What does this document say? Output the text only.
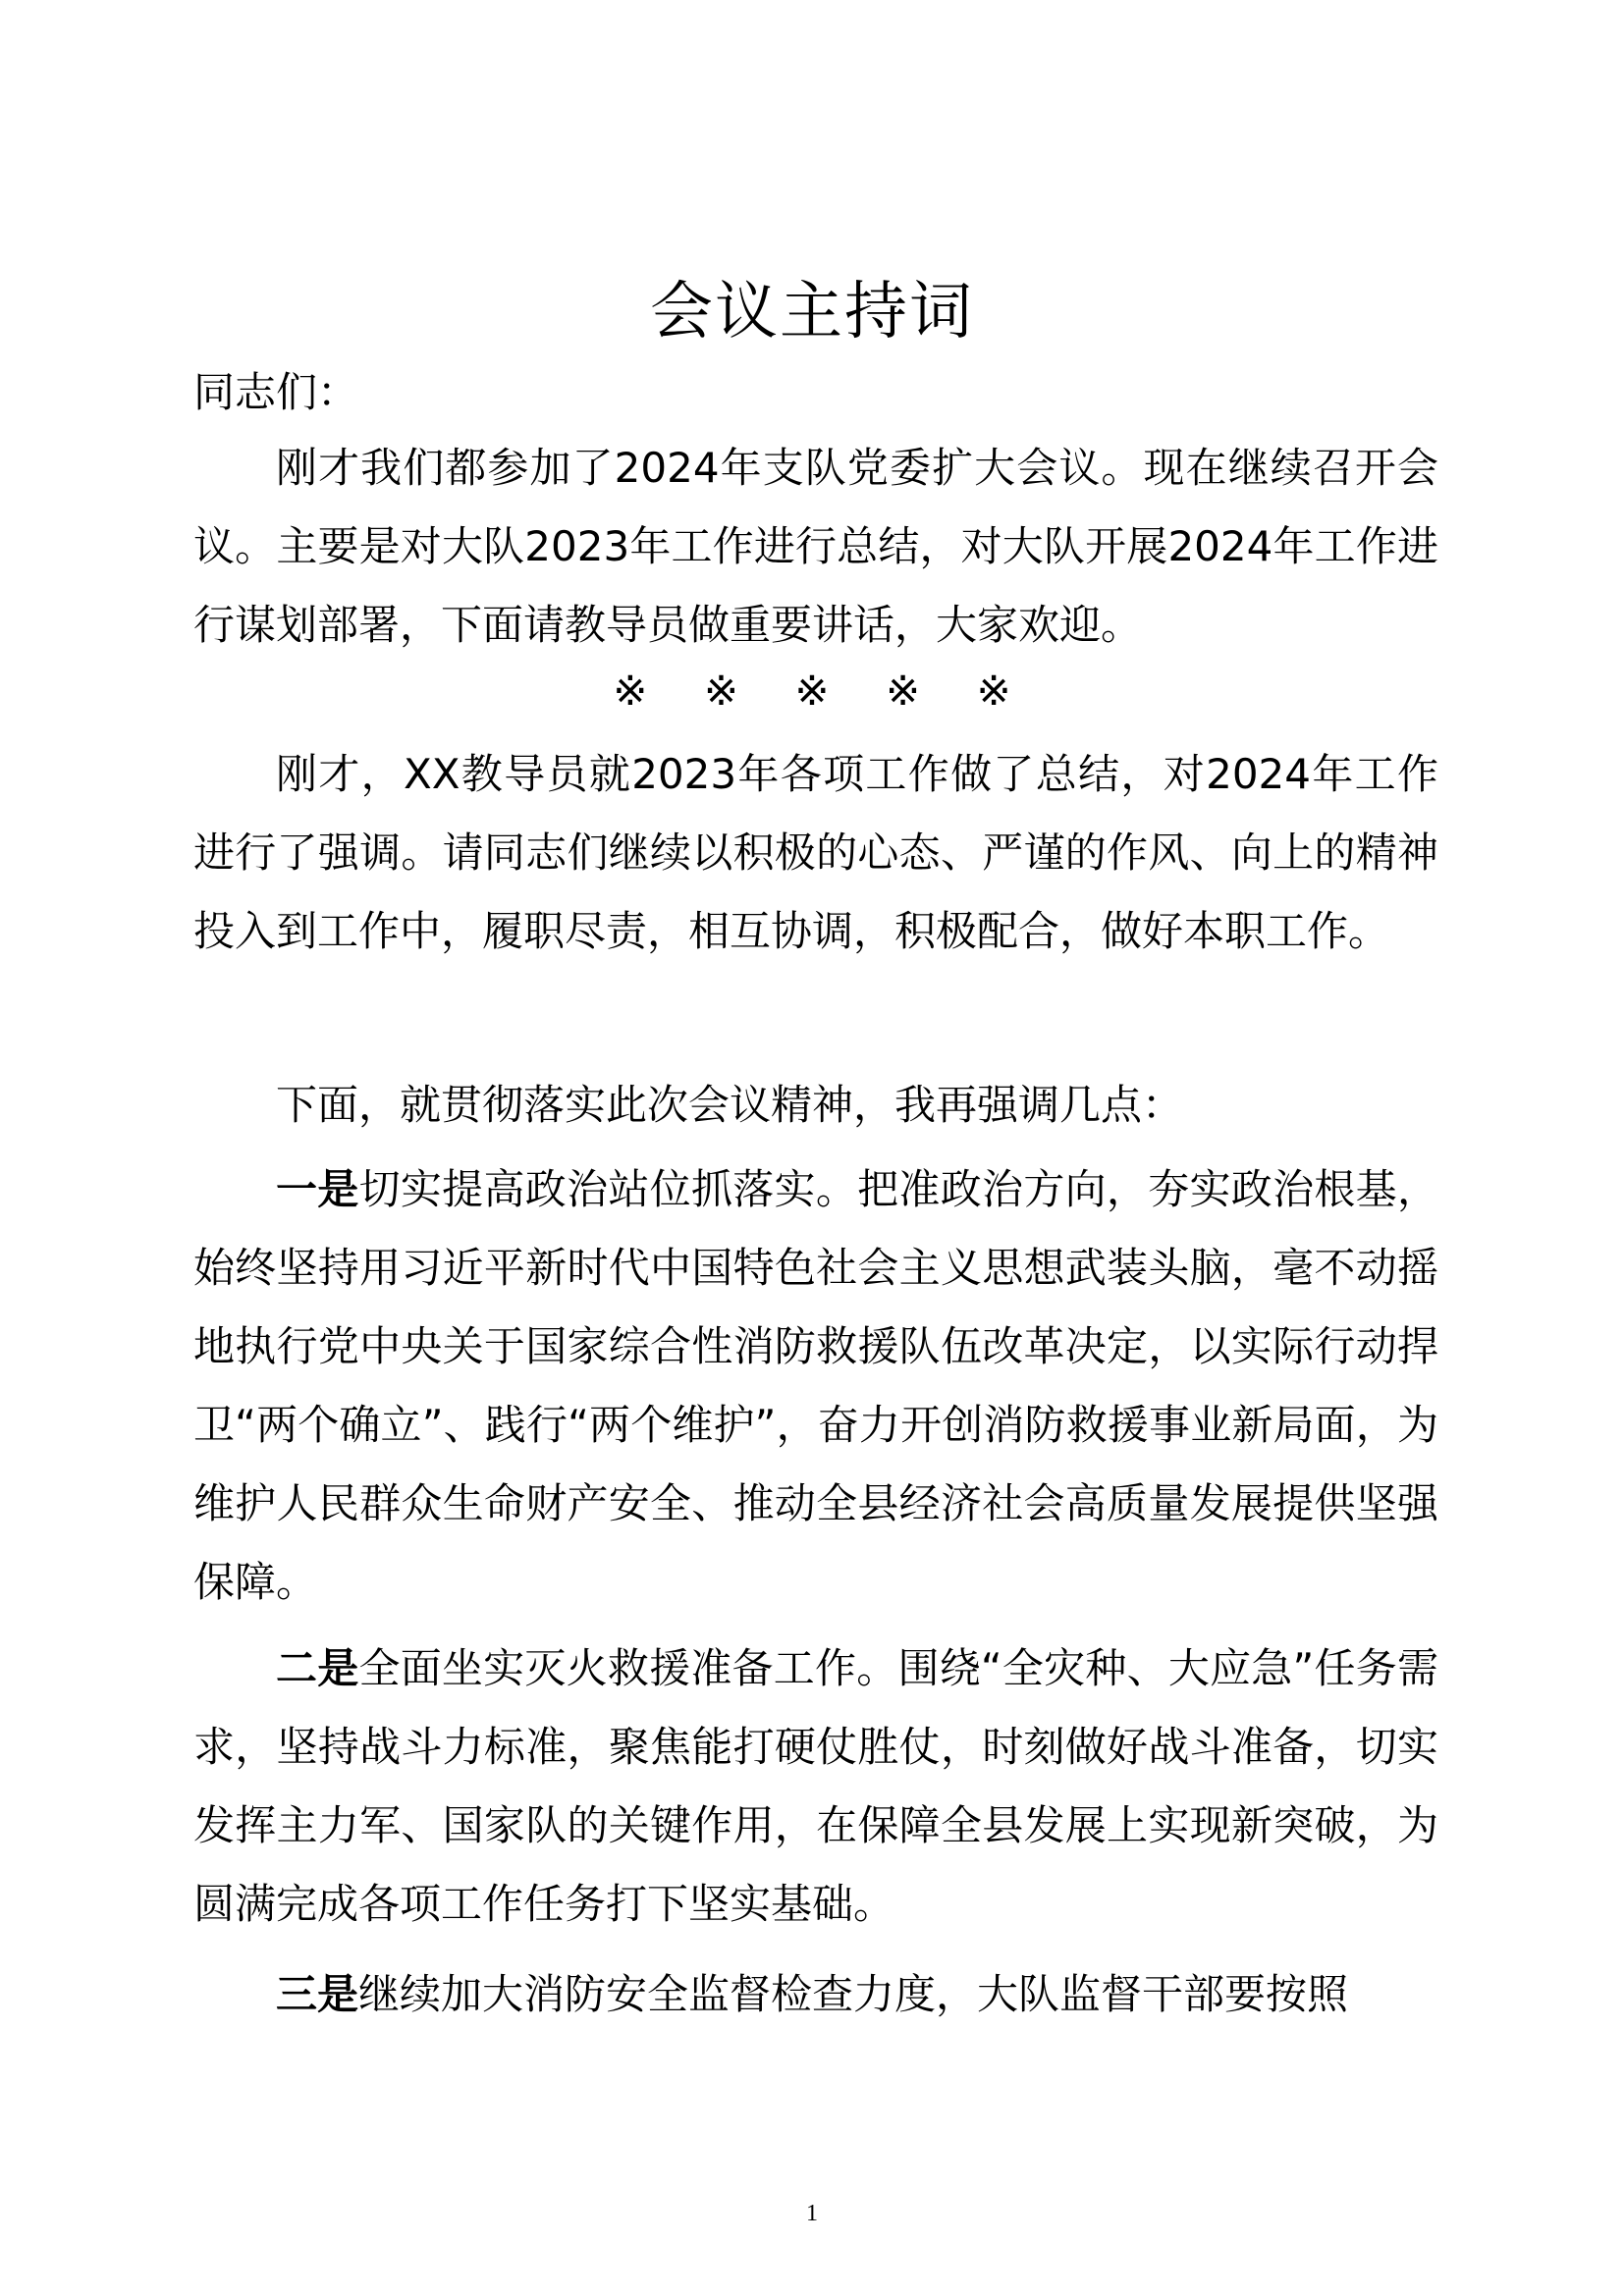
会议主持词
同志们：
刚才我们都参加了2024年支队党委扩大会议。现在继续召开会议。主要是对大队2023年工作进行总结，对大队开展2024年工作进行谋划部署，下面请教导员做重要讲话，大家欢迎。
※ ※ ※ ※ ※
刚才，XX教导员就2023年各项工作做了总结，对2024年工作进行了强调。请同志们继续以积极的心态、严谨的作风、向上的精神投入到工作中，履职尽责，相互协调，积极配合，做好本职工作。
下面，就贯彻落实此次会议精神，我再强调几点：
一是切实提高政治站位抓落实。把准政治方向，夯实政治根基，始终坚持用习近平新时代中国特色社会主义思想武装头脑，毫不动摇地执行党中央关于国家综合性消防救援队伍改革决定，以实际行动捍卫“两个确立”、践行“两个维护”，奋力开创消防救援事业新局面，为维护人民群众生命财产安全、推动全县经济社会高质量发展提供坚强保障。
二是全面坐实灭火救援准备工作。围绕“全灾种、大应急”任务需求，坚持战斗力标准，聚焦能打硬仗胜仗，时刻做好战斗准备，切实发挥主力军、国家队的关键作用，在保障全县发展上实现新突破，为圆满完成各项工作任务打下坚实基础。
三是继续加大消防安全监督检查力度，大队监督干部要按照
1
